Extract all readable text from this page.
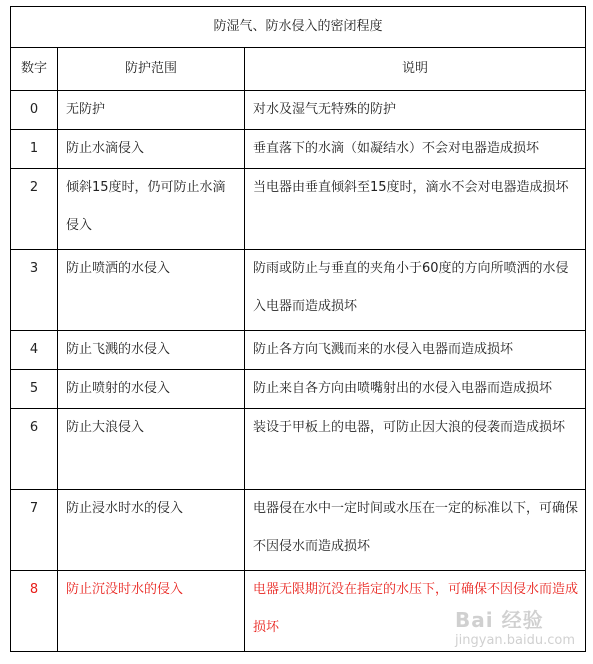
防湿气、防水侵入的密闭程度		
数字	防护范围	说明
0	无防护	对水及湿气无特殊的防护
1	防止水滴侵入	垂直落下的水滴（如凝结水）不会对电器造成损坏
2	倾斜15度时，仍可防止水滴侵入	当电器由垂直倾斜至15度时，滴水不会对电器造成损坏
3	防止喷洒的水侵入	防雨或防止与垂直的夹角小于60度的方向所喷洒的水侵入电器而造成损坏
4	防止飞溅的水侵入	防止各方向飞溅而来的水侵入电器而造成损坏
5	防止喷射的水侵入	防止来自各方向由喷嘴射出的水侵入电器而造成损坏
6	防止大浪侵入	装设于甲板上的电器，可防止因大浪的侵袭而造成损坏
7	防止浸水时水的侵入	电器侵在水中一定时间或水压在一定的标准以下，可确保不因侵水而造成损坏
8	防止沉没时水的侵入	电器无限期沉没在指定的水压下，可确保不因侵水而造成损坏	Bai 经验
jingyan.baidu.com
